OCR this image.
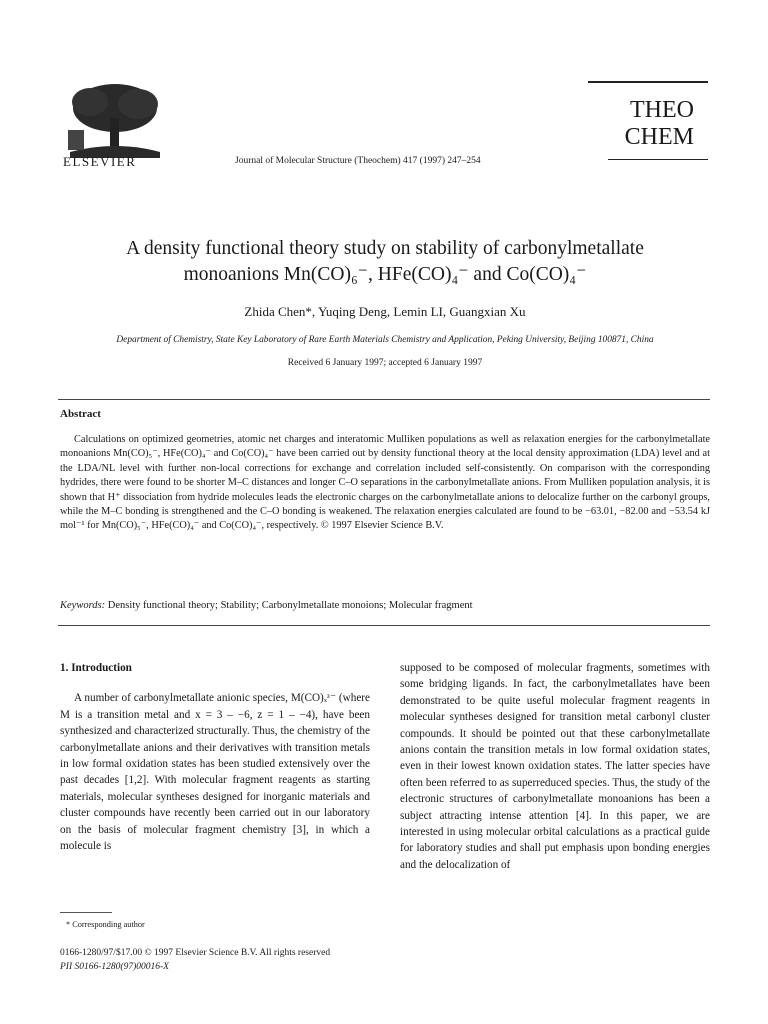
ELSEVIER	Journal of Molecular Structure (Theochem) 417 (1997) 247–254
THEO
CHEM
A density functional theory study on stability of carbonylmetallate
monoanions Mn(CO)₆⁻, HFe(CO)₄⁻ and Co(CO)₄⁻
Zhida Chen*, Yuqing Deng, Lemin LI, Guangxian Xu
Department of Chemistry, State Key Laboratory of Rare Earth Materials Chemistry and Application, Peking University, Beijing 100871, China
Received 6 January 1997; accepted 6 January 1997
Abstract
Calculations on optimized geometries, atomic net charges and interatomic Mulliken populations as well as relaxation energies for the carbonylmetallate monoanions Mn(CO)₅⁻, HFe(CO)₄⁻ and Co(CO)₄⁻ have been carried out by density functional theory at the local density approximation (LDA) level and at the LDA/NL level with further non-local corrections for exchange and correlation included self-consistently. On comparison with the corresponding hydrides, there were found to be shorter M–C distances and longer C–O separations in the carbonylmetallate anions. From Mulliken population analysis, it is shown that H⁺ dissociation from hydride molecules leads the electronic charges on the carbonylmetallate anions to delocalize further on the carbonyl groups, while the M–C bonding is strengthened and the C–O bonding is weakened. The relaxation energies calculated are found to be −63.01, −82.00 and −53.54 kJ mol⁻¹ for Mn(CO)₅⁻, HFe(CO)₄⁻ and Co(CO)₄⁻, respectively. © 1997 Elsevier Science B.V.
Keywords: Density functional theory; Stability; Carbonylmetallate monoions; Molecular fragment
1. Introduction

A number of carbonylmetallate anionic species, M(CO)ₓᶻ⁻ (where M is a transition metal and x = 3 – −6, z = 1 – −4), have been synthesized and characterized structurally. Thus, the chemistry of the carbonylmetallate anions and their derivatives with transition metals in low formal oxidation states has been studied extensively over the past decades [1,2]. With molecular fragment reagents as starting materials, molecular syntheses designed for inorganic materials and cluster compounds have recently been carried out in our laboratory on the basis of molecular fragment chemistry [3], in which a molecule is

supposed to be composed of molecular fragments, sometimes with some bridging ligands. In fact, the carbonylmetallates have been demonstrated to be quite useful molecular fragment reagents in molecular syntheses designed for transition metal carbonyl cluster compounds. It should be pointed out that these carbonylmetallate anions contain the transition metals in low formal oxidation states, even in their lowest known oxidation states. The latter species have often been referred to as superreduced species. Thus, the study of the electronic structures of carbonylmetallate monoanions has been a subject attracting intense attention [4]. In this paper, we are interested in using molecular orbital calculations as a practical guide for laboratory studies and shall put emphasis upon bonding energies and the delocalization of

* Corresponding author
0166-1280/97/$17.00 © 1997 Elsevier Science B.V. All rights reserved
PII S0166-1280(97)00016-X
